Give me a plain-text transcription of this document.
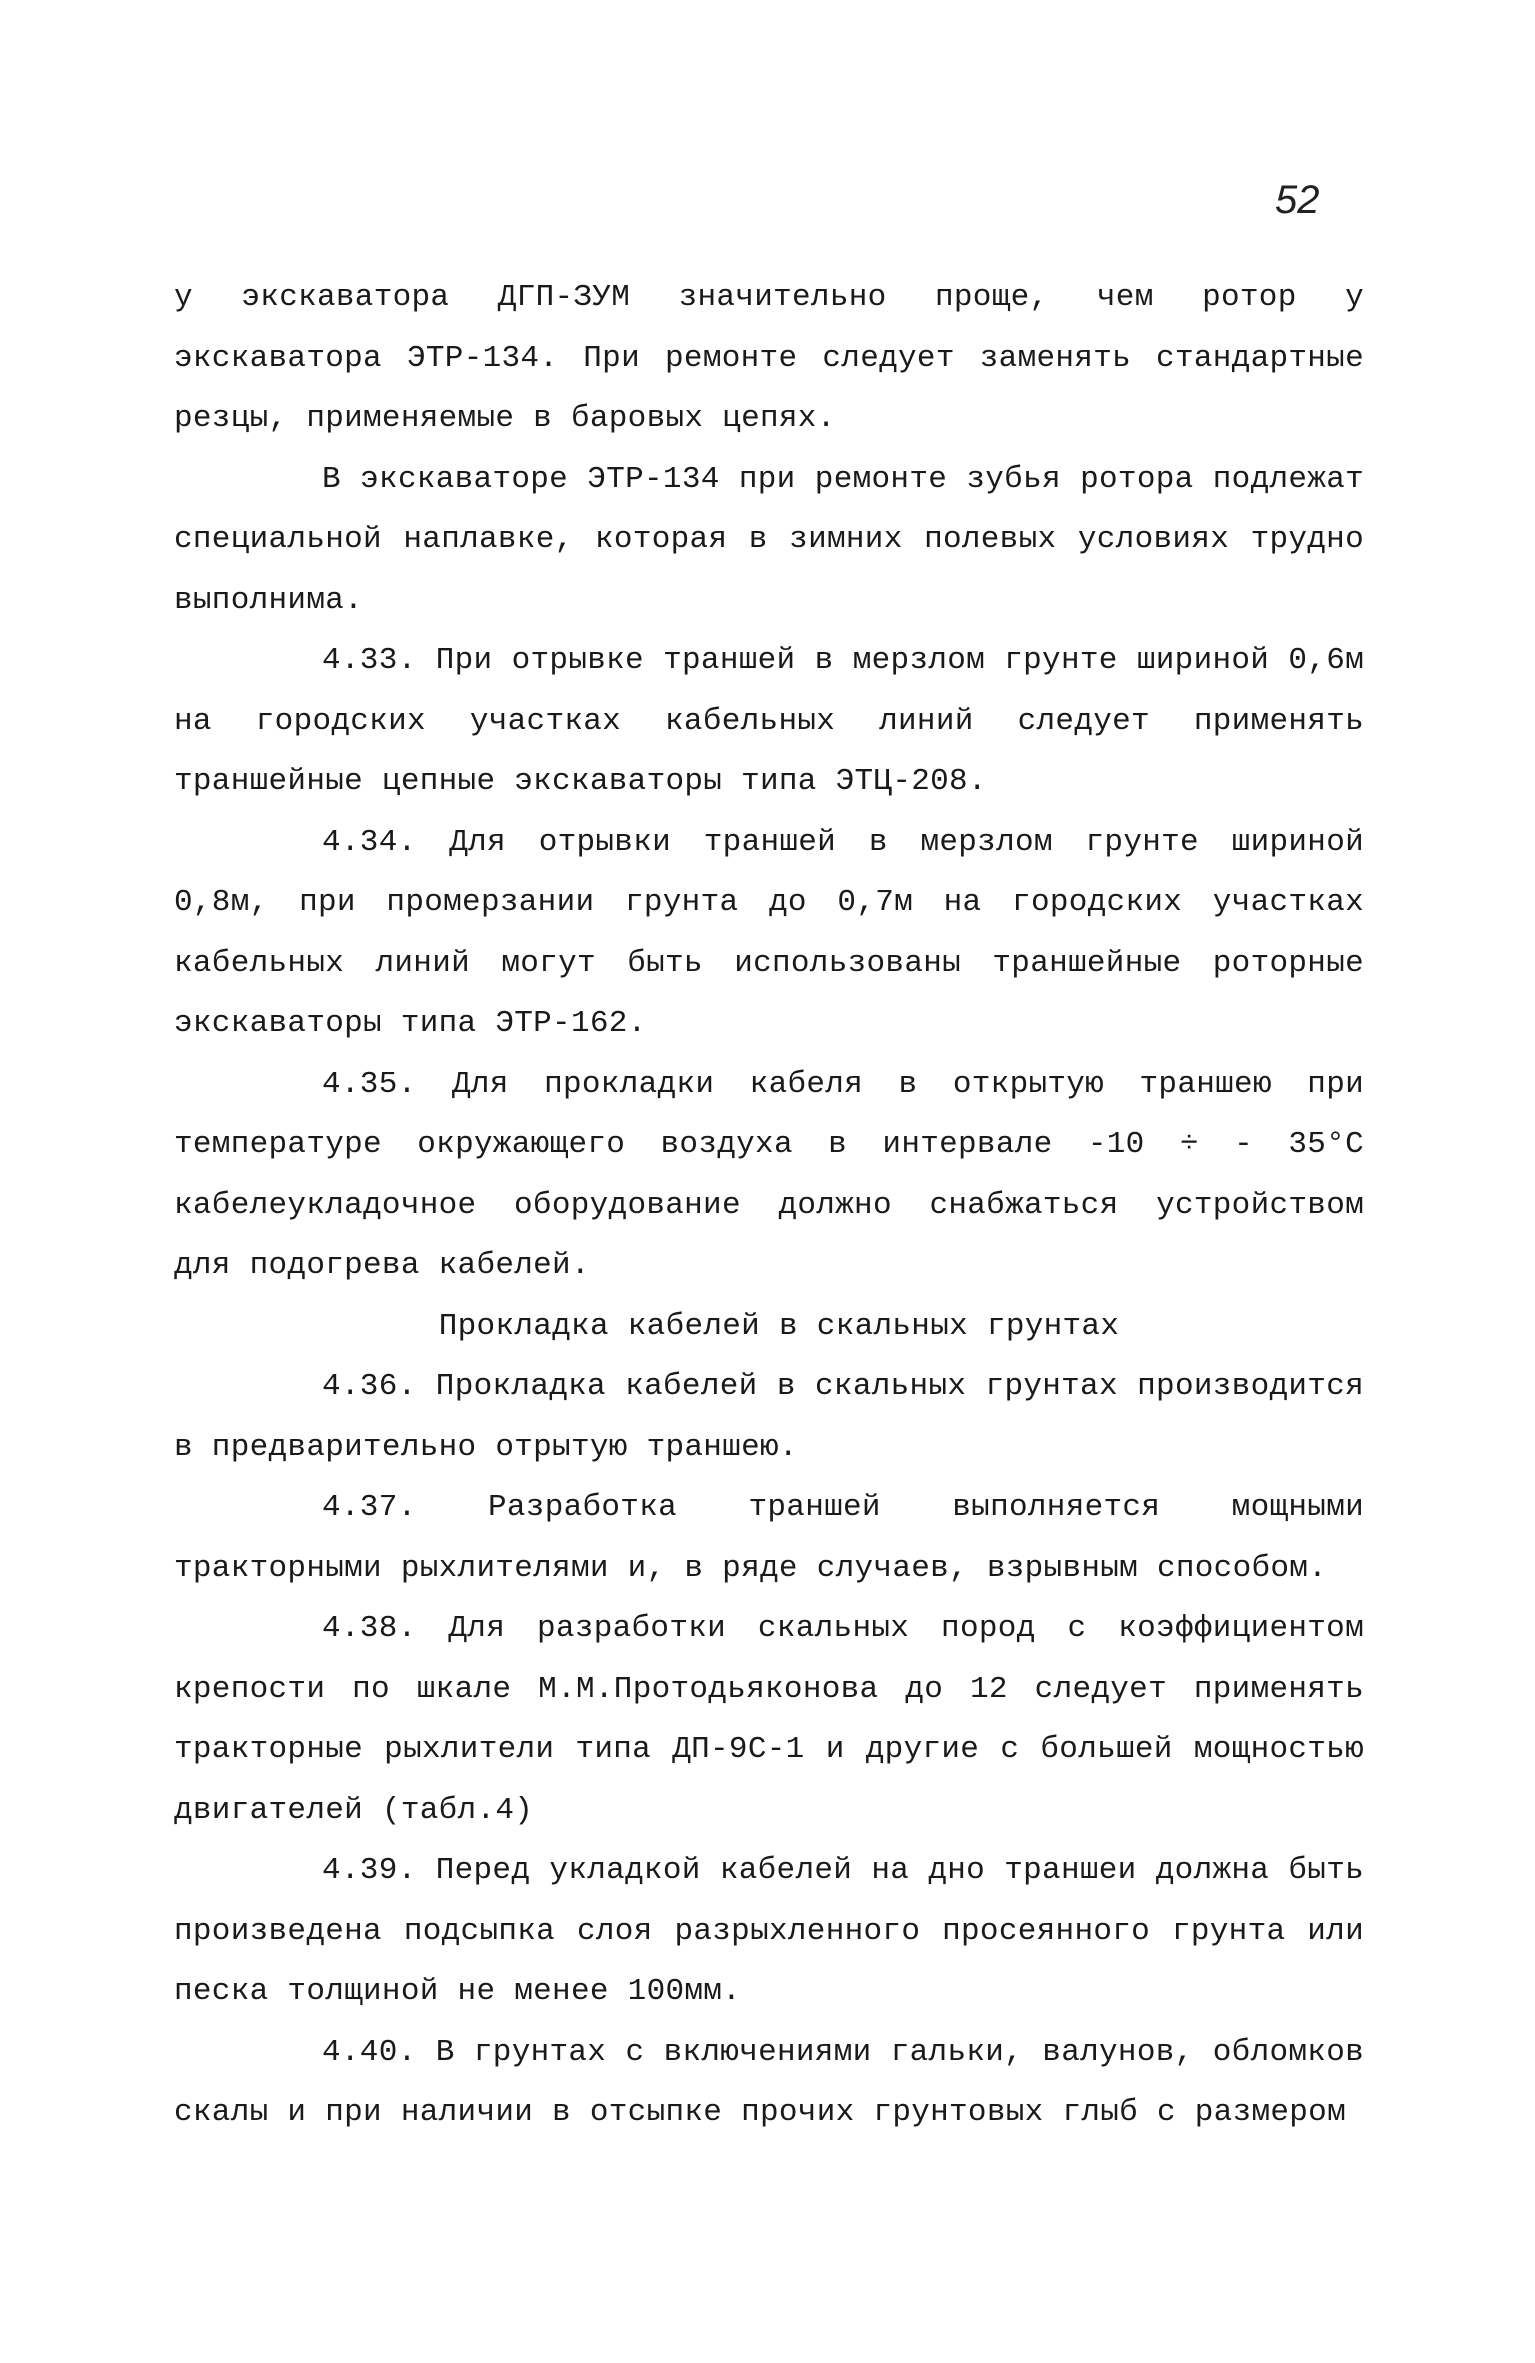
52

у экскаватора ДГП-ЗУМ значительно проще, чем ротор у экскаватора ЭТР-134. При ремонте следует заменять стандартные резцы, применяемые в баровых цепях.

В экскаваторе ЭТР-134 при ремонте зубья ротора подлежат специальной наплавке, которая в зимних полевых условиях трудно выполнима.

4.33. При отрывке траншей в мерзлом грунте шириной 0,6м на городских участках кабельных линий следует применять траншейные цепные экскаваторы типа ЭТЦ-208.

4.34. Для отрывки траншей в мерзлом грунте шириной 0,8м, при промерзании грунта до 0,7м на городских участках кабельных линий могут быть использованы траншейные роторные экскаваторы типа ЭТР-162.

4.35. Для прокладки кабеля в открытую траншею при температуре окружающего воздуха в интервале -10 ÷ - 35°С кабелеукладочное оборудование должно снабжаться устройством для подогрева кабелей.

Прокладка кабелей в скальных грунтах

4.36. Прокладка кабелей в скальных грунтах производится в предварительно отрытую траншею.

4.37. Разработка траншей выполняется мощными тракторными рыхлителями и, в ряде случаев, взрывным способом.

4.38. Для разработки скальных пород с коэффициентом крепости по шкале М.М.Протодьяконова до 12 следует применять тракторные рыхлители типа ДП-9С-1 и другие с большей мощностью двигателей (табл.4)

4.39. Перед укладкой кабелей на дно траншеи должна быть произведена подсыпка слоя разрыхленного просеянного грунта или песка толщиной не менее 100мм.

4.40. В грунтах с включениями гальки, валунов, обломков скалы и при наличии в отсыпке прочих грунтовых глыб с размером
